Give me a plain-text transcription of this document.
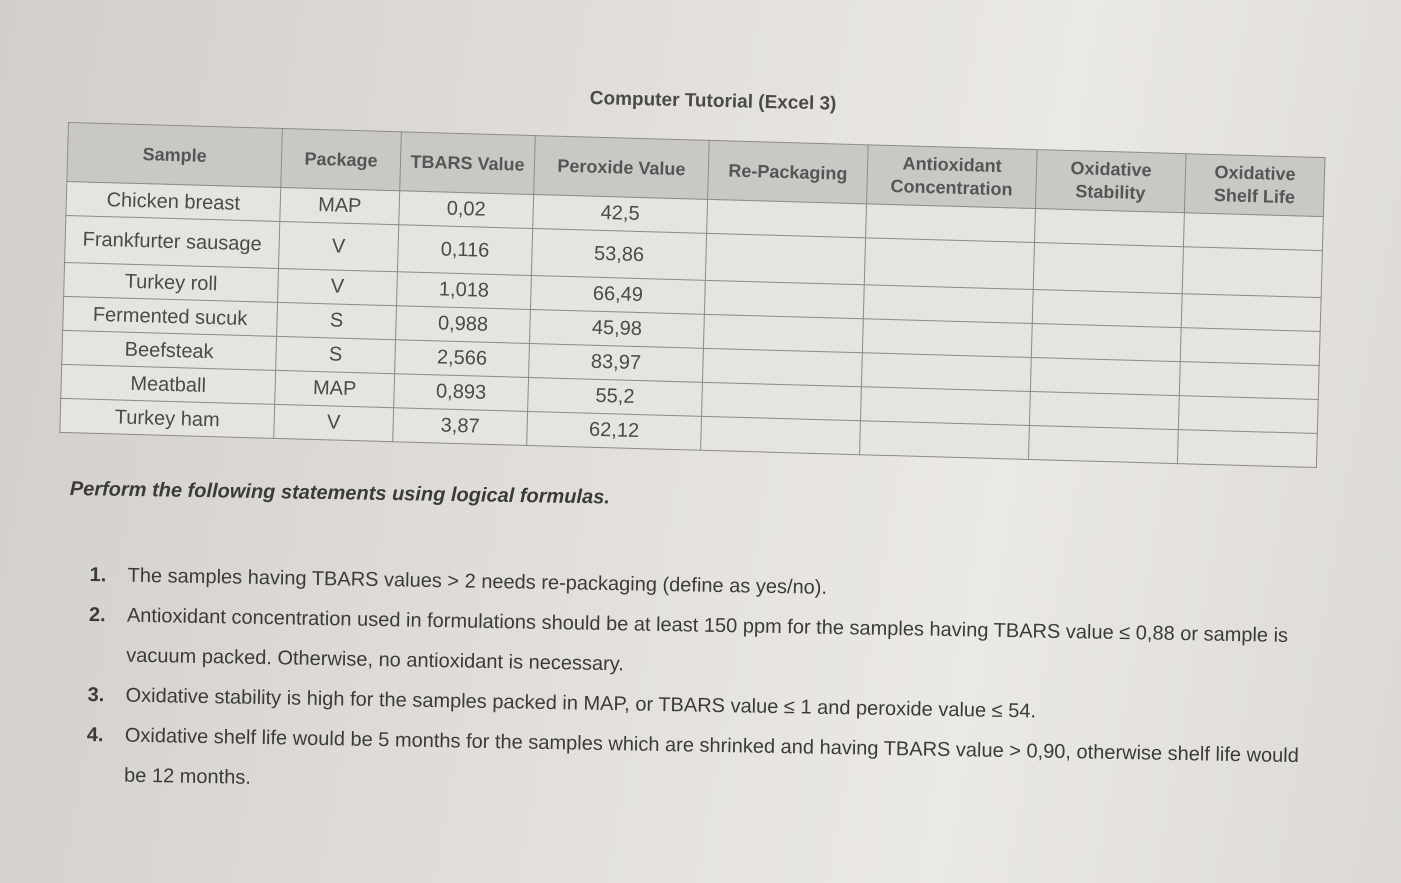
Computer Tutorial (Excel 3)
Sample	Package	TBARS Value	Peroxide Value	Re-Packaging	Antioxidant Concentration	Oxidative Stability	Oxidative Shelf Life
Chicken breast	MAP	0,02	42,5				
Frankfurter sausage	V	0,116	53,86				
Turkey roll	V	1,018	66,49				
Fermented sucuk	S	0,988	45,98				
Beefsteak	S	2,566	83,97				
Meatball	MAP	0,893	55,2				
Turkey ham	V	3,87	62,12				
Perform the following statements using logical formulas.
1.	The samples having TBARS values > 2 needs re-packaging (define as yes/no).
2.	Antioxidant concentration used in formulations should be at least 150 ppm for the samples having TBARS value ≤ 0,88 or sample is vacuum packed. Otherwise, no antioxidant is necessary.
3.	Oxidative stability is high for the samples packed in MAP, or TBARS value ≤ 1 and peroxide value ≤ 54.
4.	Oxidative shelf life would be 5 months for the samples which are shrinked and having TBARS value > 0,90, otherwise shelf life would be 12 months.
